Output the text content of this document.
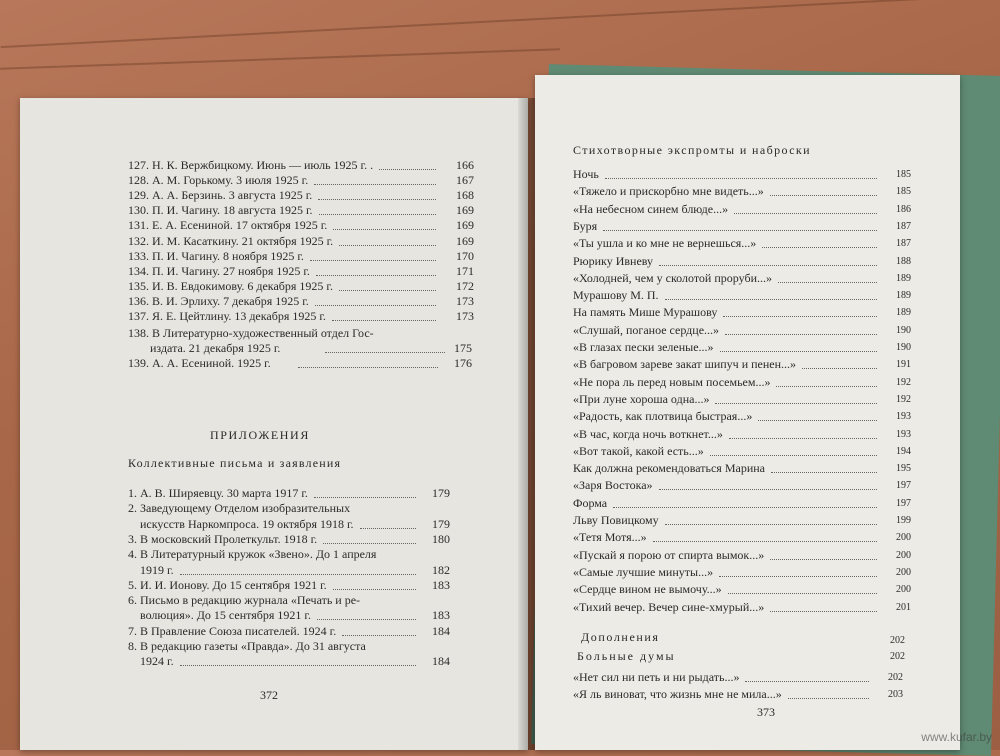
127. Н. К. Вержбицкому. Июнь — июль 1925 г. .	166
128. А. М. Горькому. 3 июля 1925 г.	167
129. А. А. Берзинь. 3 августа 1925 г.	168
130. П. И. Чагину. 18 августа 1925 г.	169
131. Е. А. Есениной. 17 октября 1925 г.	169
132. И. М. Касаткину. 21 октября 1925 г.	169
133. П. И. Чагину. 8 ноября 1925 г.	170
134. П. И. Чагину. 27 ноября 1925 г.	171
135. И. В. Евдокимову. 6 декабря 1925 г.	172
136. В. И. Эрлиху. 7 декабря 1925 г.	173
137. Я. Е. Цейтлину. 13 декабря 1925 г.	173
138. В Литературно-художественный отдел Гос-
издата. 21 декабря 1925 г.	175
139. А. А. Есениной. 1925 г.	176
ПРИЛОЖЕНИЯ
Коллективные письма и заявления
1. А. В. Ширяевцу. 30 марта 1917 г.	179
2. Заведующему Отделом изобразительных
искусств Наркомпроса. 19 октября 1918 г.	179
3. В московский Пролеткульт. 1918 г.	180
4. В Литературный кружок «Звено». До 1 апреля
1919 г.	182
5. И. И. Ионову. До 15 сентября 1921 г.	183
6. Письмо в редакцию журнала «Печать и ре-
волюция». До 15 сентября 1921 г.	183
7. В Правление Союза писателей. 1924 г.	184
8. В редакцию газеты «Правда». До 31 августа
1924 г.	184
372
Стихотворные экспромты и наброски
Ночь	185
«Тяжело и прискорбно мне видеть...»	185
«На небесном синем блюде...»	186
Буря	187
«Ты ушла и ко мне не вернешься...»	187
Рюрику Ивневу	188
«Холодней, чем у сколотой проруби...»	189
Мурашову М. П.	189
На память Мише Мурашову	189
«Слушай, поганое сердце...»	190
«В глазах пески зеленые...»	190
«В багровом зареве закат шипуч и пенен...»	191
«Не пора ль перед новым посемьем...»	192
«При луне хороша одна...»	192
«Радость, как плотвица быстрая...»	193
«В час, когда ночь воткнет...»	193
«Вот такой, какой есть...»	194
Как должна рекомендоваться Марина	195
«Заря Востока»	197
Форма	197
Льву Повицкому	199
«Тетя Мотя...»	200
«Пускай я порою от спирта вымок...»	200
«Самые лучшие минуты...»	200
«Сердце вином не вымочу...»	200
«Тихий вечер. Вечер сине-хмурый...»	201
Дополнения	202
Больные думы	202
«Нет сил ни петь и ни рыдать...»	202
«Я ль виноват, что жизнь мне не мила...»	203
373
www.kufar.by
